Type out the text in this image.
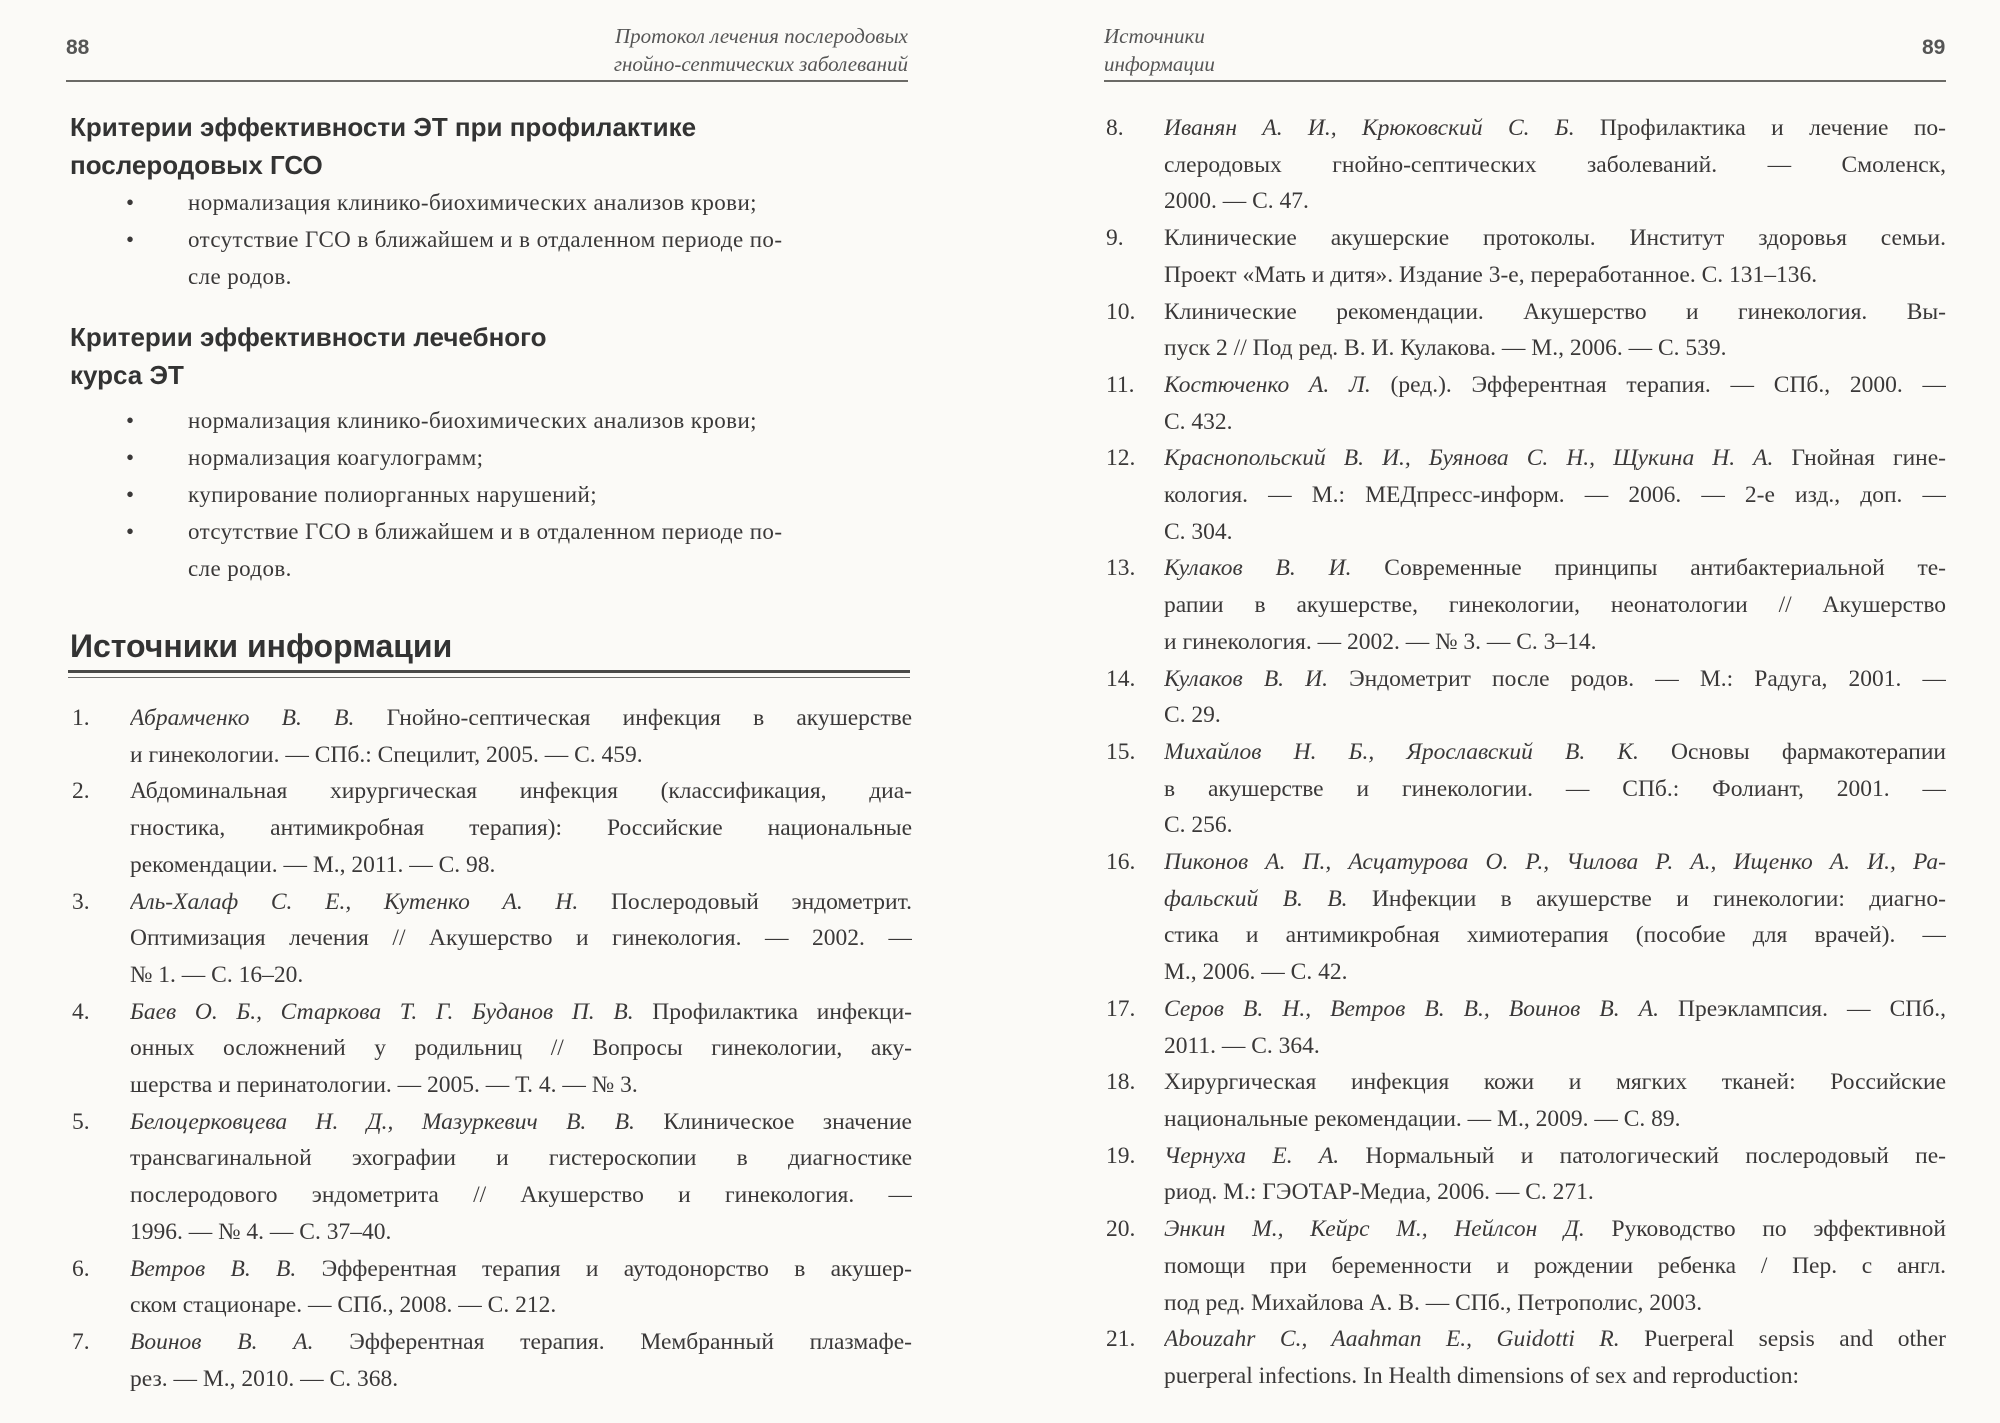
88	Протокол лечения послеродовых
гнойно-септических заболеваний
Критерии эффективности ЭТ при профилактике
послеродовых ГСО
• нормализация клинико-биохимических анализов крови;
• отсутствие ГСО в ближайшем и в отдаленном периоде по-
сле родов.
Критерии эффективности лечебного
курса ЭТ
• нормализация клинико-биохимических анализов крови;
• нормализация коагулограмм;
• купирование полиорганных нарушений;
• отсутствие ГСО в ближайшем и в отдаленном периоде по-
сле родов.
Источники информации
1. Абрамченко В. В. Гнойно-септическая инфекция в акушерстве
и гинекологии. — СПб.: Специлит, 2005. — С. 459.
2. Абдоминальная хирургическая инфекция (классификация, диа-
гностика, антимикробная терапия): Российские национальные
рекомендации. — М., 2011. — С. 98.
3. Аль-Халаф С. Е., Кутенко А. Н. Послеродовый эндометрит.
Оптимизация лечения // Акушерство и гинекология. — 2002. —
№ 1. — С. 16–20.
4. Баев О. Б., Старкова Т. Г. Буданов П. В. Профилактика инфекци-
онных осложнений у родильниц // Вопросы гинекологии, аку-
шерства и перинатологии. — 2005. — Т. 4. — № 3.
5. Белоцерковцева Н. Д., Мазуркевич В. В. Клиническое значение
трансвагинальной эхографии и гистероскопии в диагностике
послеродового эндометрита // Акушерство и гинекология. —
1996. — № 4. — С. 37–40.
6. Ветров В. В. Эфферентная терапия и аутодонорство в акушер-
ском стационаре. — СПб., 2008. — С. 212.
7. Воинов В. А. Эфферентная терапия. Мембранный плазмафе-
рез. — М., 2010. — С. 368.
Источники
информации
89
8. Иванян А. И., Крюковский С. Б. Профилактика и лечение по-
слеродовых гнойно-септических заболеваний. — Смоленск,
2000. — С. 47.
9. Клинические акушерские протоколы. Институт здоровья семьи.
Проект «Мать и дитя». Издание 3-е, переработанное. С. 131–136.
10. Клинические рекомендации. Акушерство и гинекология. Вы-
пуск 2 // Под ред. В. И. Кулакова. — М., 2006. — С. 539.
11. Костюченко А. Л. (ред.). Эфферентная терапия. — СПб., 2000. —
С. 432.
12. Краснопольский В. И., Буянова С. Н., Щукина Н. А. Гнойная гине-
кология. — М.: МЕДпресс-информ. — 2006. — 2-е изд., доп. —
С. 304.
13. Кулаков В. И. Современные принципы антибактериальной те-
рапии в акушерстве, гинекологии, неонатологии // Акушерство
и гинекология. — 2002. — № 3. — С. 3–14.
14. Кулаков В. И. Эндометрит после родов. — М.: Радуга, 2001. —
С. 29.
15. Михайлов Н. Б., Ярославский В. К. Основы фармакотерапии
в акушерстве и гинекологии. — СПб.: Фолиант, 2001. —
С. 256.
16. Пиконов А. П., Асцатурова О. Р., Чилова Р. А., Ищенко А. И., Ра-
фальский В. В. Инфекции в акушерстве и гинекологии: диагно-
стика и антимикробная химиотерапия (пособие для врачей). —
М., 2006. — С. 42.
17. Серов В. Н., Ветров В. В., Воинов В. А. Преэклампсия. — СПб.,
2011. — С. 364.
18. Хирургическая инфекция кожи и мягких тканей: Российские
национальные рекомендации. — М., 2009. — С. 89.
19. Чернуха Е. А. Нормальный и патологический послеродовый пе-
риод. М.: ГЭОТАР-Медиа, 2006. — С. 271.
20. Энкин М., Кейрс М., Нейлсон Д. Руководство по эффективной
помощи при беременности и рождении ребенка / Пер. с англ.
под ред. Михайлова А. В. — СПб., Петрополис, 2003.
21. Abouzahr C., Aaahman E., Guidotti R. Puerperal sepsis and other
puerperal infections. In Health dimensions of sex and reproduction:
